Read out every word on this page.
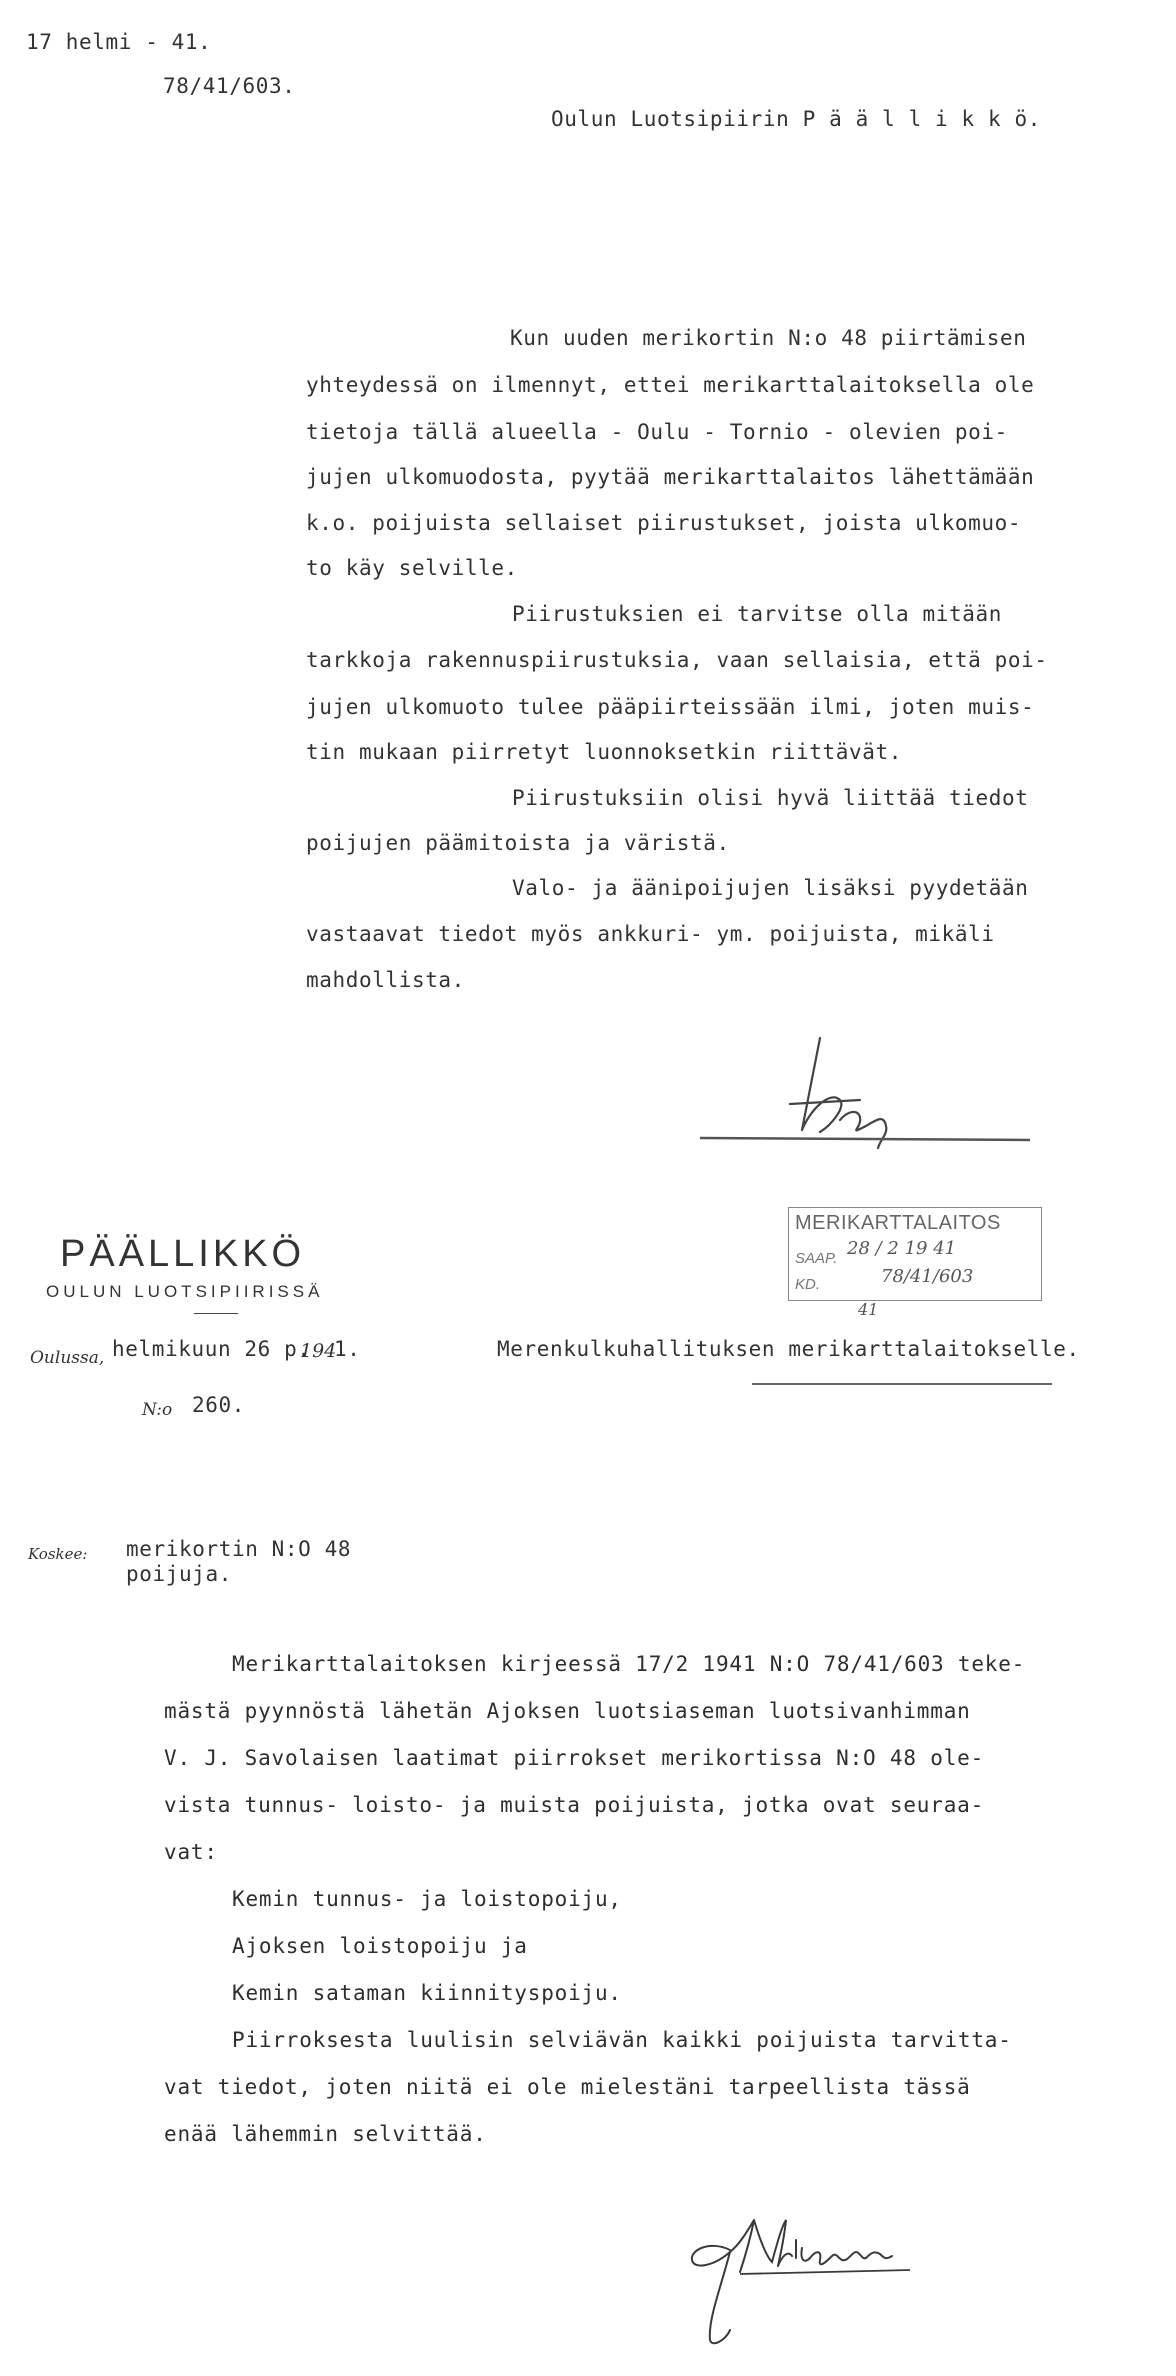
17 helmi - 41.
78/41/603.
Oulun Luotsipiirin P ä ä l l i k k ö.
Kun uuden merikortin N:o 48 piirtämisen
yhteydessä on ilmennyt, ettei merikarttalaitoksella ole
tietoja tällä alueella - Oulu - Tornio - olevien poi-
jujen ulkomuodosta, pyytää merikarttalaitos lähettämään
k.o. poijuista sellaiset piirustukset, joista ulkomuo-
to käy selville.
Piirustuksien ei tarvitse olla mitään
tarkkoja rakennuspiirustuksia, vaan sellaisia, että poi-
jujen ulkomuoto tulee pääpiirteissään ilmi, joten muis-
tin mukaan piirretyt luonnoksetkin riittävät.
Piirustuksiin olisi hyvä liittää tiedot
poijujen päämitoista ja väristä.
Valo- ja äänipoijujen lisäksi pyydetään
vastaavat tiedot myös ankkuri- ym. poijuista, mikäli
mahdollista.
MERIKARTTALAITOS
SAAP. 28 / 2 19 41
KD.	78/41/603
41
PÄÄLLIKKÖ
OULUN LUOTSIPIIRISSÄ
Oulussa, helmikuun 26 p.
194
1.	Merenkulkuhallituksen merikarttalaitokselle.
N:o 260.
Koskee: merikortin N:O 48
poijuja.
Merikarttalaitoksen kirjeessä 17/2 1941 N:O 78/41/603 teke-
mästä pyynnöstä lähetän Ajoksen luotsiaseman luotsivanhimman
V. J. Savolaisen laatimat piirrokset merikortissa N:O 48 ole-
vista tunnus- loisto- ja muista poijuista, jotka ovat seuraa-
vat:
Kemin tunnus- ja loistopoiju,
Ajoksen loistopoiju ja
Kemin sataman kiinnityspoiju.
Piirroksesta luulisin selviävän kaikki poijuista tarvitta-
vat tiedot, joten niitä ei ole mielestäni tarpeellista tässä
enää lähemmin selvittää.
